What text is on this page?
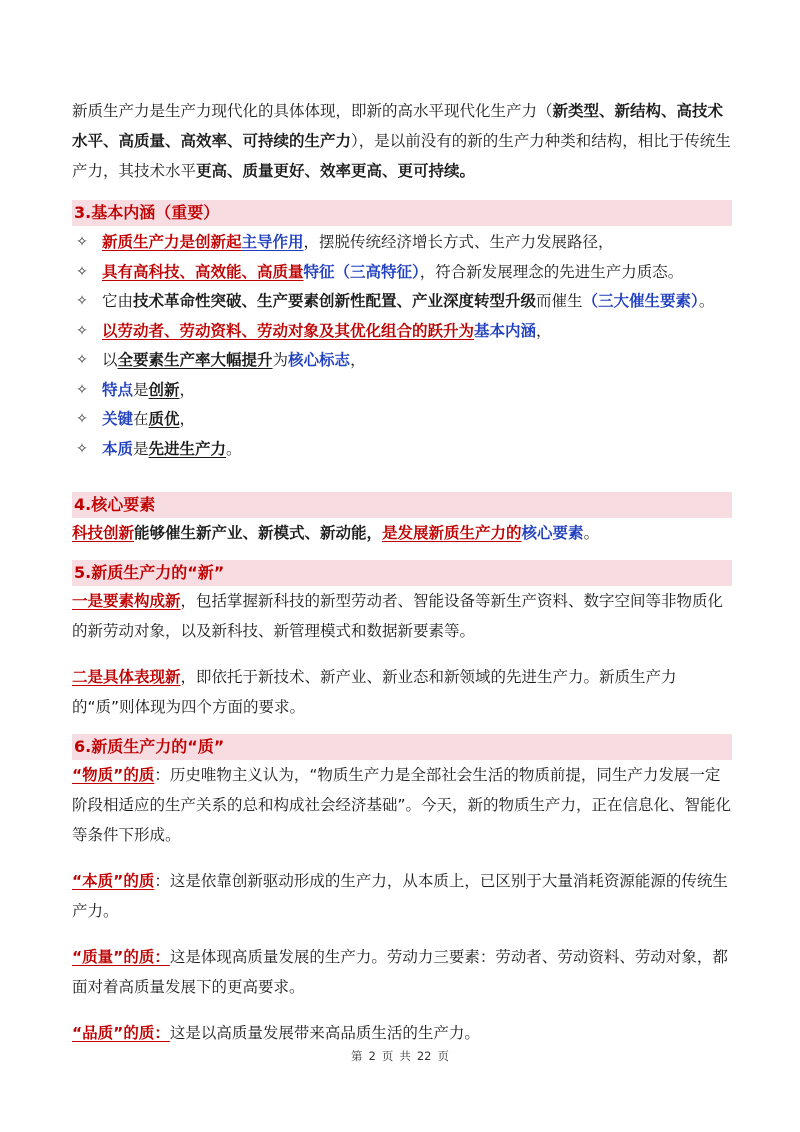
新质生产力是生产力现代化的具体体现，即新的高水平现代化生产力（新类型、新结构、高技术水平、高质量、高效率、可持续的生产力），是以前没有的新的生产力种类和结构，相比于传统生产力，其技术水平更高、质量更好、效率更高、更可持续。

3.基本内涵（重要）
✧ 新质生产力是创新起主导作用，摆脱传统经济增长方式、生产力发展路径，
✧ 具有高科技、高效能、高质量特征（三高特征），符合新发展理念的先进生产力质态。
✧ 它由技术革命性突破、生产要素创新性配置、产业深度转型升级而催生（三大催生要素）。
✧ 以劳动者、劳动资料、劳动对象及其优化组合的跃升为基本内涵，
✧ 以全要素生产率大幅提升为核心标志，
✧ 特点是创新，
✧ 关键在质优，
✧ 本质是先进生产力。
4.核心要素

科技创新能够催生新产业、新模式、新动能，是发展新质生产力的核心要素。

5.新质生产力的“新”

一是要素构成新，包括掌握新科技的新型劳动者、智能设备等新生产资料、数字空间等非物质化的新劳动对象，以及新科技、新管理模式和数据新要素等。

二是具体表现新，即依托于新技术、新产业、新业态和新领域的先进生产力。新质生产力的“质”则体现为四个方面的要求。

6.新质生产力的“质”

“物质”的质：历史唯物主义认为，“物质生产力是全部社会生活的物质前提，同生产力发展一定阶段相适应的生产关系的总和构成社会经济基础”。今天，新的物质生产力，正在信息化、智能化等条件下形成。

“本质”的质：这是依靠创新驱动形成的生产力，从本质上，已区别于大量消耗资源能源的传统生产力。

“质量”的质：这是体现高质量发展的生产力。劳动力三要素：劳动者、劳动资料、劳动对象，都面对着高质量发展下的更高要求。

“品质”的质：这是以高质量发展带来高品质生活的生产力。

第 2 页 共 22 页
